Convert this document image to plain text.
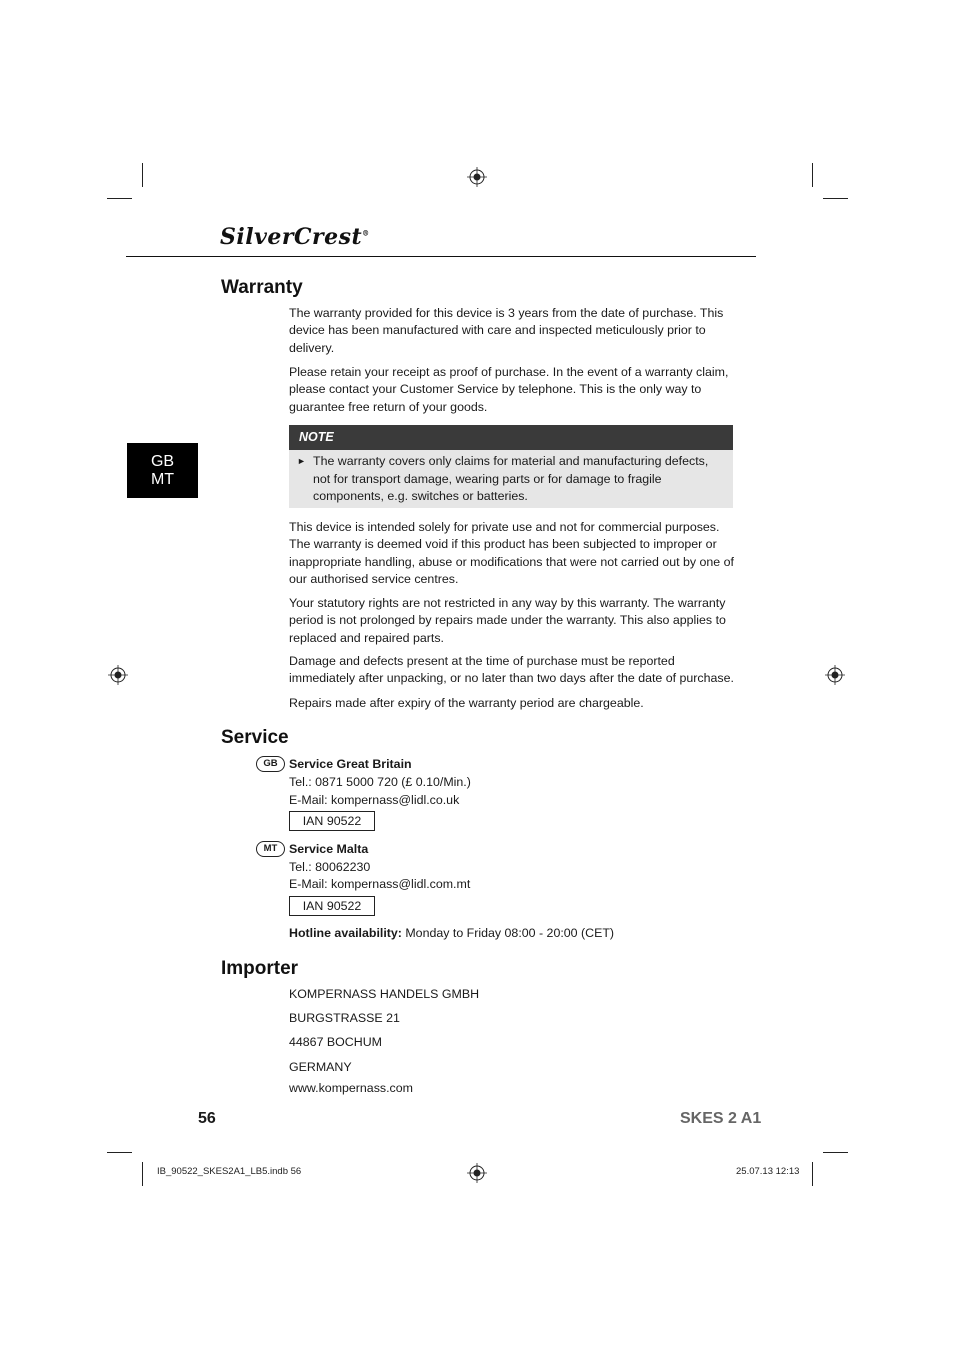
SilverCrest®
GB
MT
Warranty

The warranty provided for this device is 3 years from the date of purchase. This device has been manufactured with care and inspected meticulously prior to delivery.

Please retain your receipt as proof of purchase. In the event of a warranty claim, please contact your Customer Service by telephone. This is the only way to guarantee free return of your goods.

NOTE
► The warranty covers only claims for material and manufacturing defects, not for transport damage, wearing parts or for damage to fragile components, e.g. switches or batteries.

This device is intended solely for private use and not for commercial purposes. The warranty is deemed void if this product has been subjected to improper or inappropriate handling, abuse or modifications that were not carried out by one of our authorised service centres.

Your statutory rights are not restricted in any way by this warranty. The warranty period is not prolonged by repairs made under the warranty. This also applies to replaced and repaired parts.

Damage and defects present at the time of purchase must be reported immediately after unpacking, or no later than two days after the date of purchase.

Repairs made after expiry of the warranty period are chargeable.

Service
GB Service Great Britain
Tel.: 0871 5000 720 (£ 0.10/Min.)
E-Mail: kompernass@lidl.co.uk
IAN 90522
MT Service Malta
Tel.: 80062230
E-Mail: kompernass@lidl.com.mt
IAN 90522
Hotline availability: Monday to Friday 08:00 - 20:00 (CET)
Importer
KOMPERNASS HANDELS GMBH
BURGSTRASSE 21
44867 BOCHUM
GERMANY
www.kompernass.com
56	SKES 2 A1
IB_90522_SKES2A1_LB5.indb 56	25.07.13 12:13
